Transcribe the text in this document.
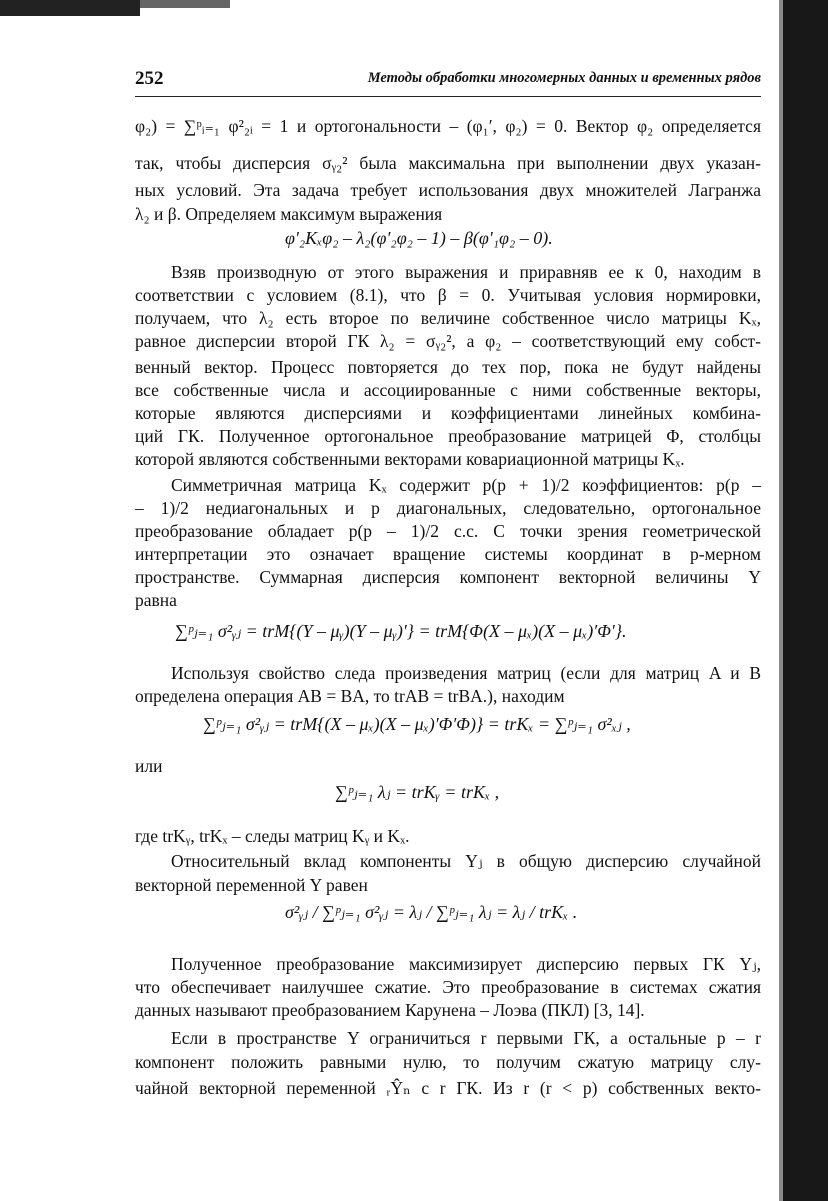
252	Методы обработки многомерных данных и временных рядов
φ₂) = ∑ᵖᵢ₌₁ φ²₂ᵢ = 1 и ортогональности – (φ₁′, φ₂) = 0. Вектор φ₂ определяется
так, чтобы дисперсия σᵧ₂² была максимальна при выполнении двух указан-
ных условий. Эта задача требует использования двух множителей Лагранжа
λ₂ и β. Определяем максимум выражения
φ′₂Kₓφ₂ – λ₂(φ′₂φ₂ – 1) – β(φ′₁φ₂ – 0).
Взяв производную от этого выражения и приравняв ее к 0, находим в
соответствии с условием (8.1), что β = 0. Учитывая условия нормировки,
получаем, что λ₂ есть второе по величине собственное число матрицы Kₓ,
равное дисперсии второй ГК λ₂ = σᵧ₂², а φ₂ – соответствующий ему собст-
венный вектор. Процесс повторяется до тех пор, пока не будут найдены
все собственные числа и ассоциированные с ними собственные векторы,
которые являются дисперсиями и коэффициентами линейных комбина-
ций ГК. Полученное ортогональное преобразование матрицей Φ, столбцы
которой являются собственными векторами ковариационной матрицы Kₓ.
Симметричная матрица Kₓ содержит p(p + 1)/2 коэффициентов: p(p –
– 1)/2 недиагональных и p диагональных, следовательно, ортогональное
преобразование обладает p(p – 1)/2 с.с. С точки зрения геометрической
интерпретации это означает вращение системы координат в p-мерном
пространстве. Суммарная дисперсия компонент векторной величины Y
равна
∑ᵖⱼ₌₁ σ²ᵧⱼ = trM{(Y – μᵧ)(Y – μᵧ)′} = trM{Φ(X – μₓ)(X – μₓ)′Φ′}.
Используя свойство следа произведения матриц (если для матриц A и B
определена операция AB = BA, то trAB = trBA.), находим
∑ᵖⱼ₌₁ σ²ᵧⱼ = trM{(X – μₓ)(X – μₓ)′Φ′Φ)} = trKₓ = ∑ᵖⱼ₌₁ σ²ₓⱼ ,
или
∑ᵖⱼ₌₁ λⱼ = trKᵧ = trKₓ ,
где trKᵧ, trKₓ – следы матриц Kᵧ и Kₓ.
Относительный вклад компоненты Yⱼ в общую дисперсию случайной
векторной переменной Y равен
σ²ᵧⱼ / ∑ᵖⱼ₌₁ σ²ᵧⱼ = λⱼ / ∑ᵖⱼ₌₁ λⱼ = λⱼ / trKₓ .
Полученное преобразование максимизирует дисперсию первых ГК Yⱼ,
что обеспечивает наилучшее сжатие. Это преобразование в системах сжатия
данных называют преобразованием Карунена – Лоэва (ПКЛ) [3, 14].
Если в пространстве Y ограничиться r первыми ГК, а остальные p – r
компонент положить равными нулю, то получим сжатую матрицу слу-
чайной векторной переменной ᵣŶₙ с r ГК. Из r (r < p) собственных векто-
